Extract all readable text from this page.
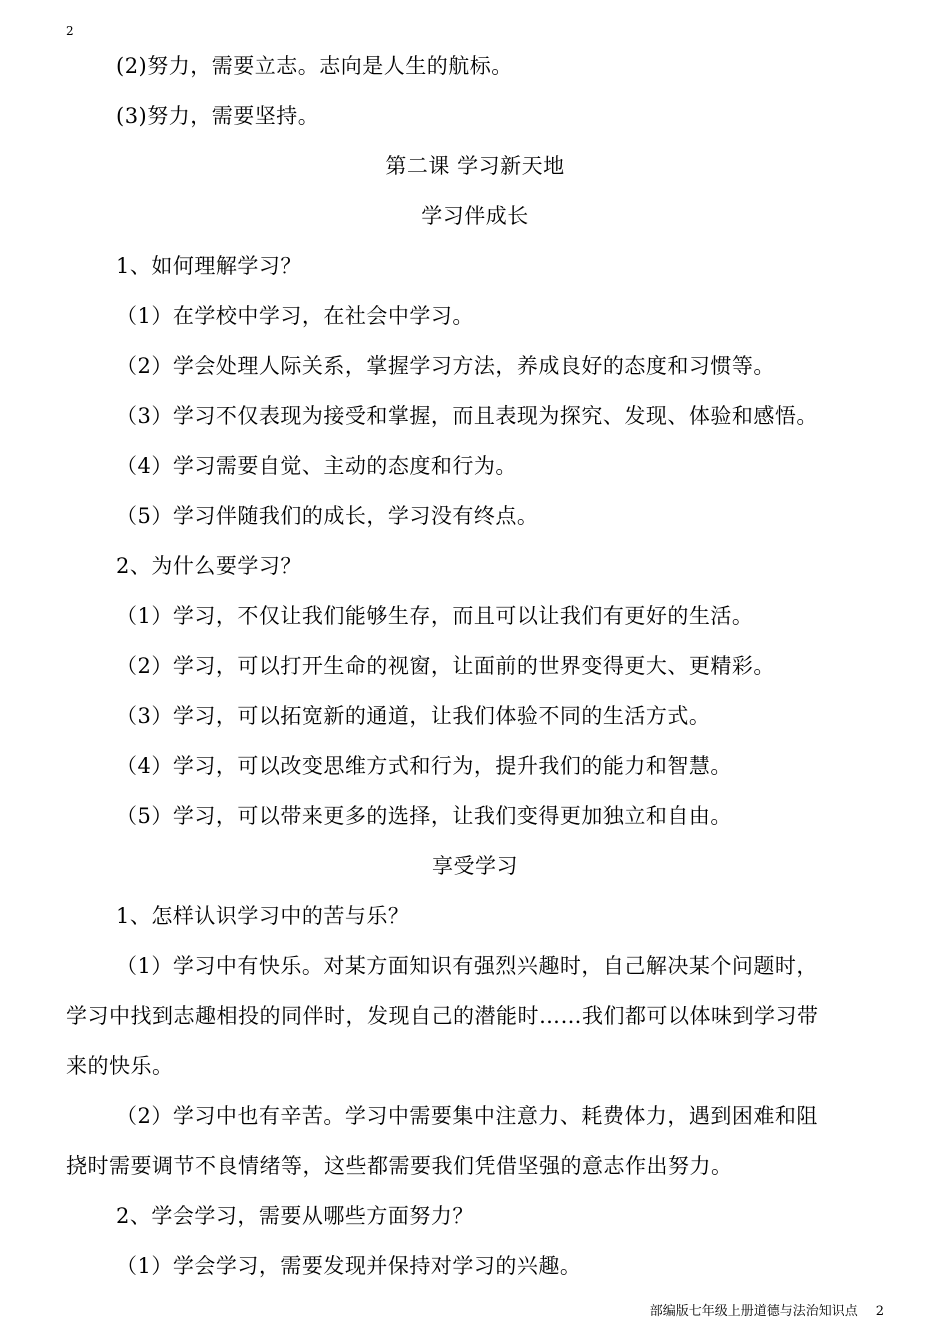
2
(2)努力，需要立志。志向是人生的航标。
(3)努力，需要坚持。
第二课 学习新天地
学习伴成长
1、如何理解学习？
（1）在学校中学习，在社会中学习。
（2）学会处理人际关系，掌握学习方法，养成良好的态度和习惯等。
（3）学习不仅表现为接受和掌握，而且表现为探究、发现、体验和感悟。
（4）学习需要自觉、主动的态度和行为。
（5）学习伴随我们的成长，学习没有终点。
2、为什么要学习？
（1）学习，不仅让我们能够生存，而且可以让我们有更好的生活。
（2）学习，可以打开生命的视窗，让面前的世界变得更大、更精彩。
（3）学习，可以拓宽新的通道，让我们体验不同的生活方式。
（4）学习，可以改变思维方式和行为，提升我们的能力和智慧。
（5）学习，可以带来更多的选择，让我们变得更加独立和自由。
享受学习
1、怎样认识学习中的苦与乐？
（1）学习中有快乐。对某方面知识有强烈兴趣时，自己解决某个问题时，
学习中找到志趣相投的同伴时，发现自己的潜能时……我们都可以体味到学习带
来的快乐。
（2）学习中也有辛苦。学习中需要集中注意力、耗费体力，遇到困难和阻
挠时需要调节不良情绪等，这些都需要我们凭借坚强的意志作出努力。
2、学会学习，需要从哪些方面努力？
（1）学会学习，需要发现并保持对学习的兴趣。
部编版七年级上册道德与法治知识点 2
